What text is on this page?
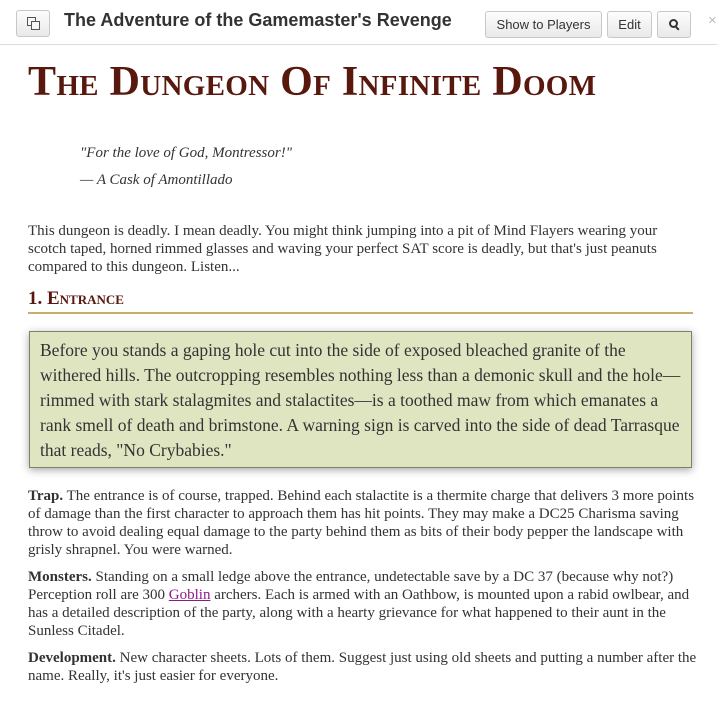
The Adventure of the Gamemaster's Revenge	Show to Players	Edit	×
The Dungeon Of Infinite Doom
"For the love of God, Montressor!"
— A Cask of Amontillado

This dungeon is deadly. I mean deadly. You might think jumping into a pit of Mind Flayers wearing your scotch taped, horned rimmed glasses and waving your perfect SAT score is deadly, but that's just peanuts compared to this dungeon. Listen...

1. Entrance
Before you stands a gaping hole cut into the side of exposed bleached granite of the withered hills. The outcropping resembles nothing less than a demonic skull and the hole—rimmed with stark stalagmites and stalactites—is a toothed maw from which emanates a rank smell of death and brimstone. A warning sign is carved into the side of dead Tarrasque that reads, "No Crybabies."

Trap. The entrance is of course, trapped. Behind each stalactite is a thermite charge that delivers 3 more points of damage than the first character to approach them has hit points. They may make a DC25 Charisma saving throw to avoid dealing equal damage to the party behind them as bits of their body pepper the landscape with grisly shrapnel. You were warned.

Monsters. Standing on a small ledge above the entrance, undetectable save by a DC 37 (because why not?) Perception roll are 300 Goblin archers. Each is armed with an Oathbow, is mounted upon a rabid owlbear, and has a detailed description of the party, along with a hearty grievance for what happened to their aunt in the Sunless Citadel.

Development. New character sheets. Lots of them. Suggest just using old sheets and putting a number after the name. Really, it's just easier for everyone.
